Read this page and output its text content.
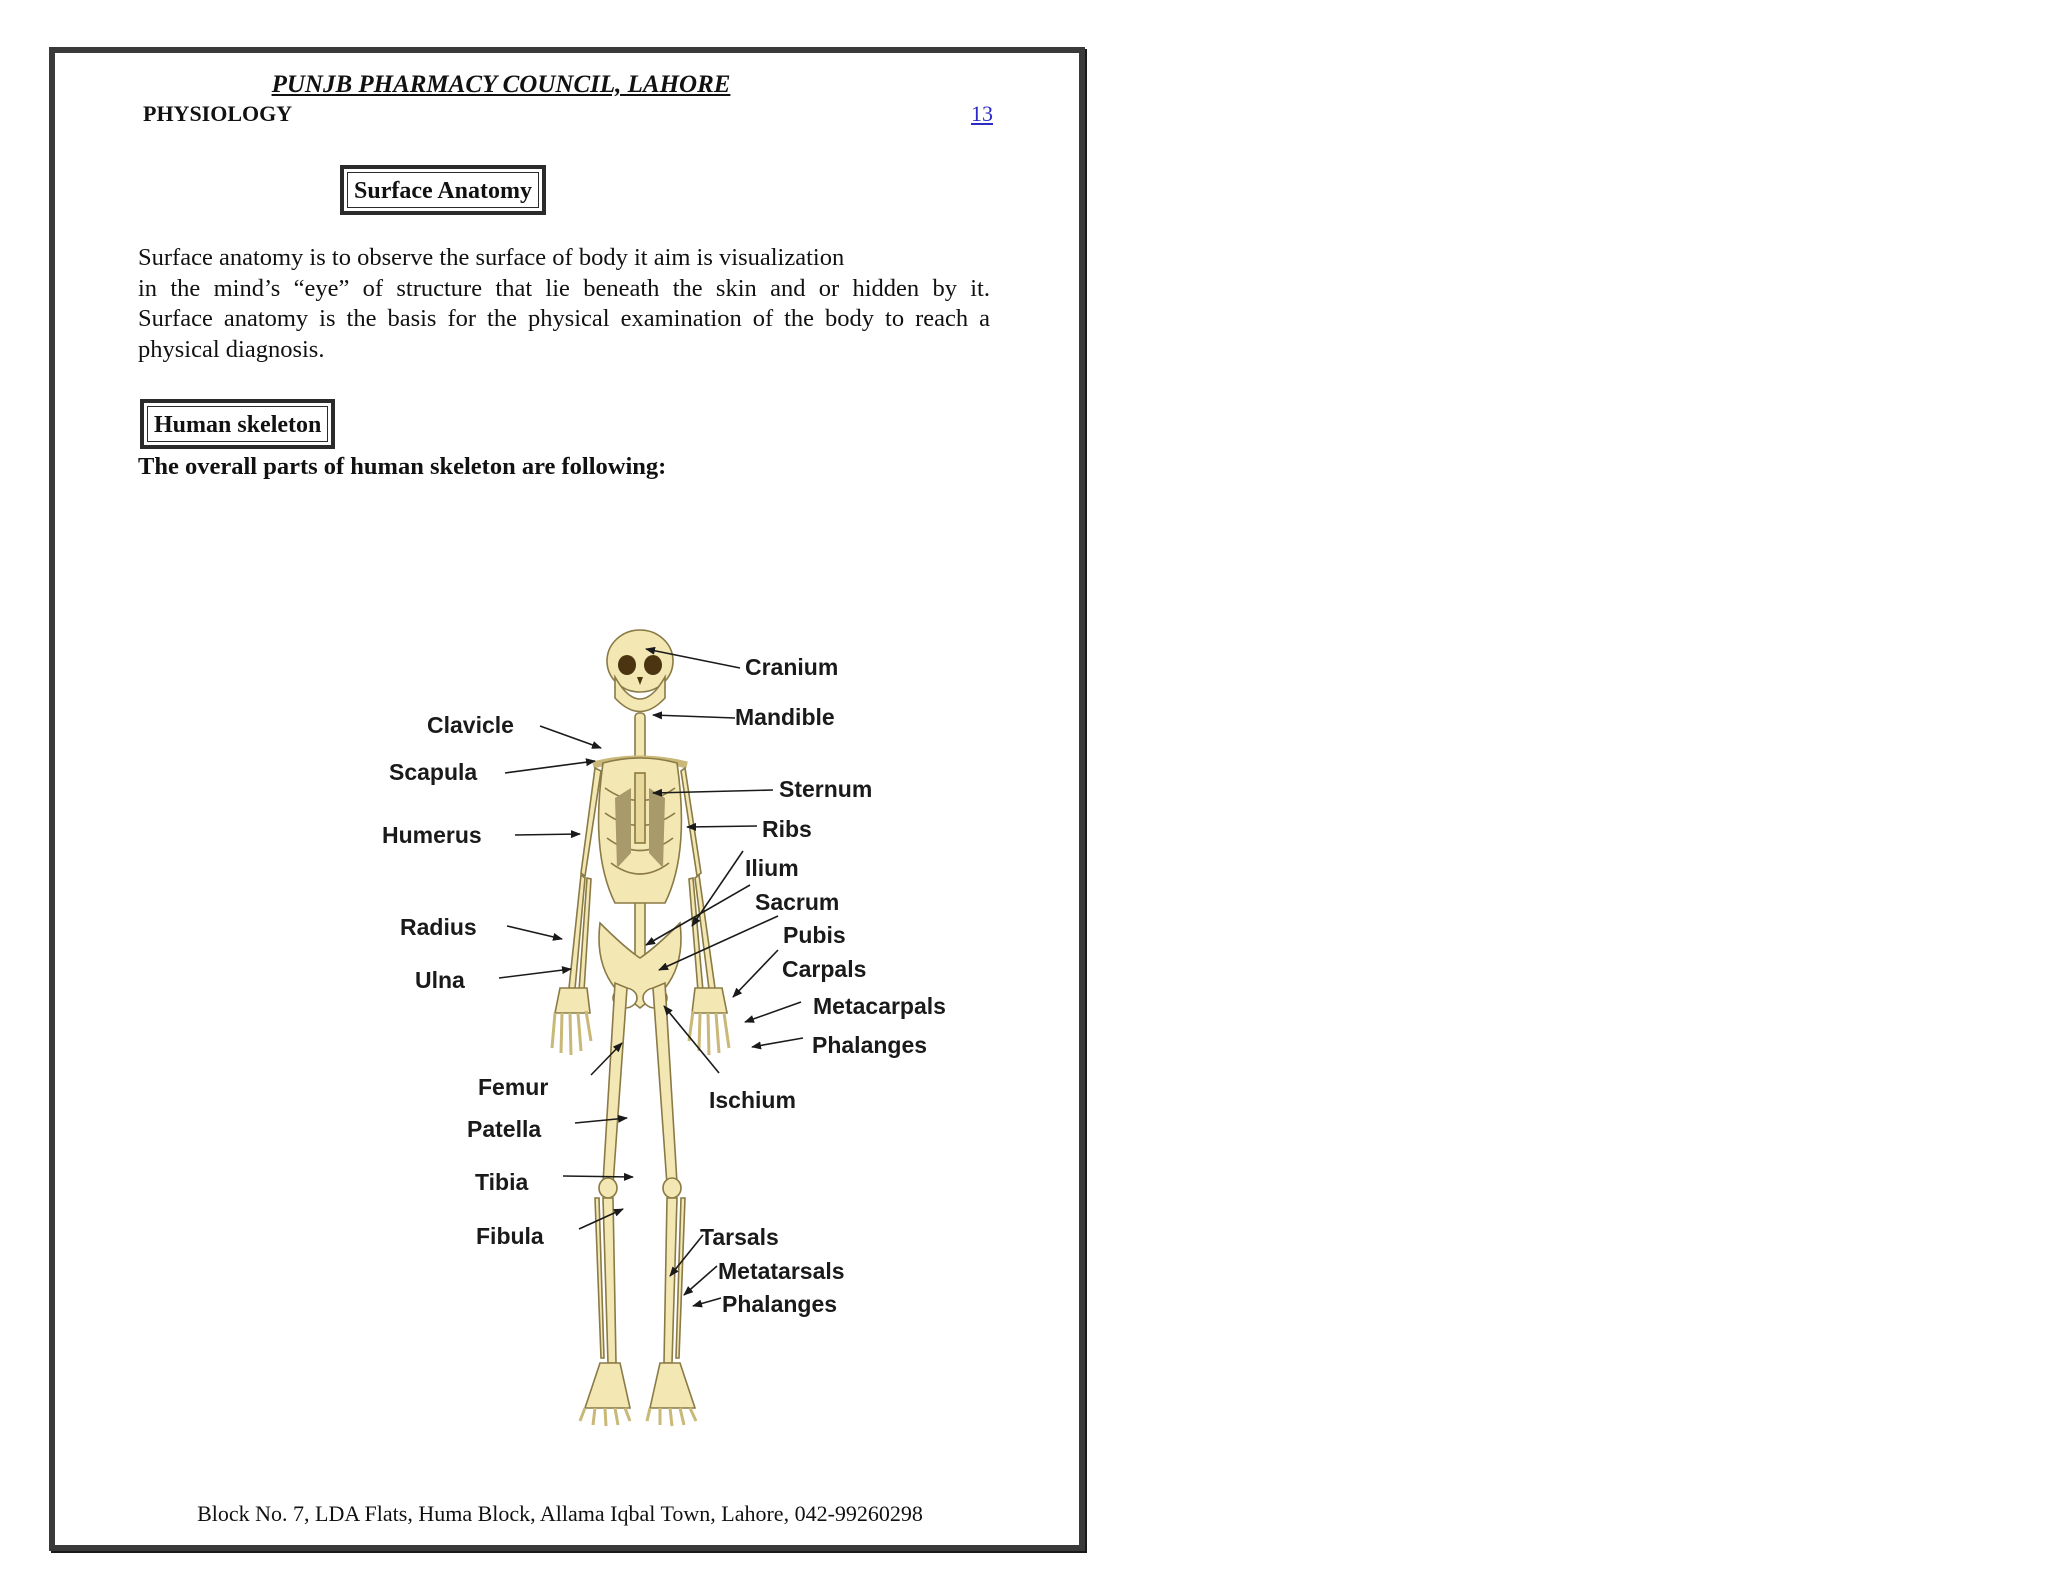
PUNJB PHARMACY COUNCIL, LAHORE
PHYSIOLOGY	13
Surface Anatomy
Surface anatomy is to observe the surface of body it aim is visualization
in the mind’s “eye” of structure that lie beneath the skin and or hidden by it.
Surface anatomy is the basis for the physical examination of the body to reach a
physical diagnosis.
Human skeleton
The overall parts of human skeleton are following:
Cranium
Mandible
Clavicle
Scapula
Sternum
Humerus	Ribs
Ilium
Sacrum
Pubis
Radius
Carpals
Ulna
Metacarpals
Phalanges
Femur	Ischium
Patella
Tibia
Fibula	Tarsals
Metatarsals
Phalanges
Block No. 7, LDA Flats, Huma Block, Allama Iqbal Town, Lahore, 042-99260298
